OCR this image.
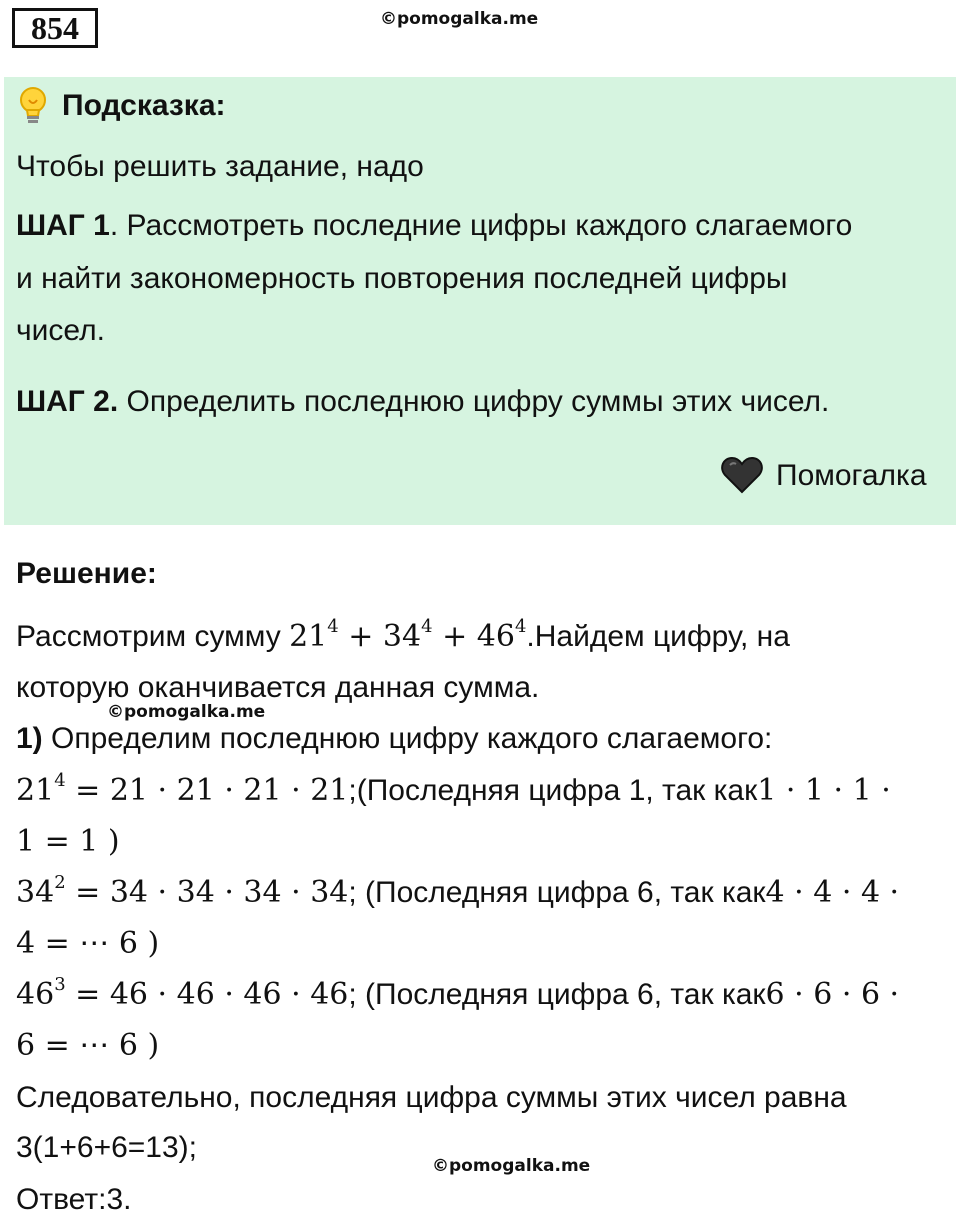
854	©pomogalka.me
Подсказка:
Чтобы решить задание, надо
ШАГ 1. Рассмотреть последние цифры каждого слагаемого
и найти закономерность повторения последней цифры
чисел.
ШАГ 2. Определить последнюю цифру суммы этих чисел.
Помогалка
Решение:
Рассмотрим сумму $21^4 + 34^4$ + $46^4.Найдем$ цифру, на
которую оканчивается данная сумма.
©pomogalka.me
1) Определим последнюю цифру каждого слагаемого:
$21^4 = 21 \cdot 21 \cdot 21$ · 21;(Последняя цифра 1, так как1 · 1 · 1 ·
1 = 1 )
$34^2 = 34 \cdot 34 \cdot 34 \cdot 34$; (Последняя цифра 6, так как4 · 4 · 4 ·
4 = ⋯ 6 )
$46^3 = 46 \cdot 46 \cdot 46 \cdot 46$; (Последняя цифра 6, так как6 · 6 · 6 ·
6 = ⋯ 6 )
Следовательно, последняя цифра суммы этих чисел равна
3(1+6+6=13);
©pomogalka.me
Ответ:3.
